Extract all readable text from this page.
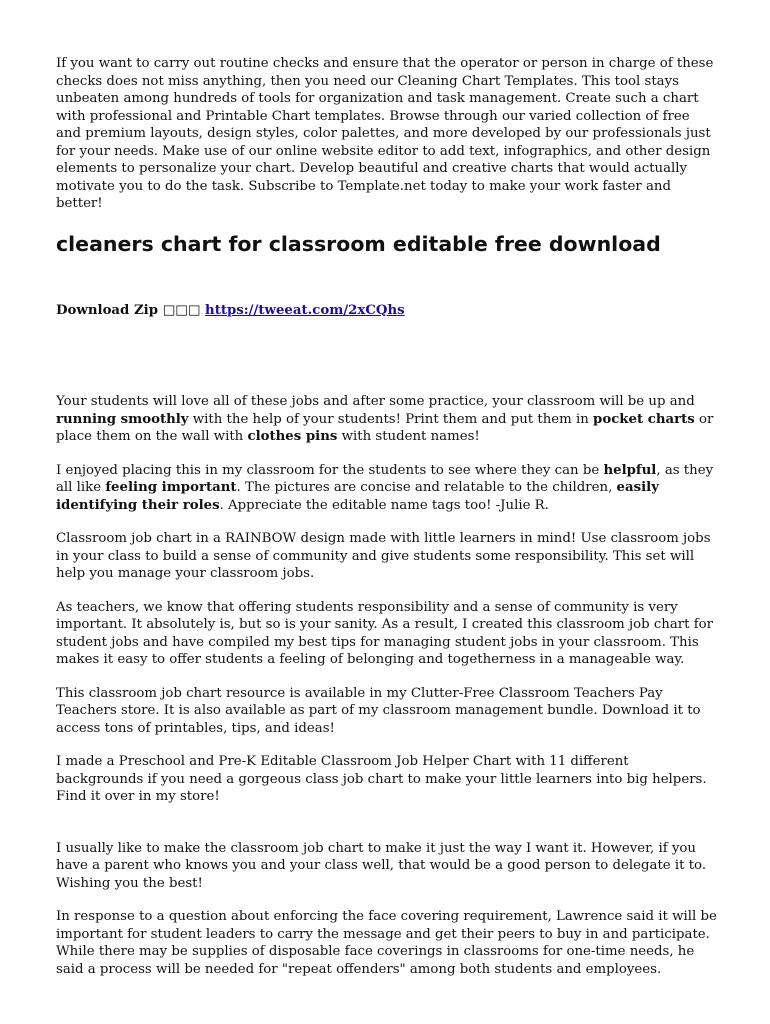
If you want to carry out routine checks and ensure that the operator or person in charge of these checks does not miss anything, then you need our Cleaning Chart Templates. This tool stays unbeaten among hundreds of tools for organization and task management. Create such a chart with professional and Printable Chart templates. Browse through our varied collection of free and premium layouts, design styles, color palettes, and more developed by our professionals just for your needs. Make use of our online website editor to add text, infographics, and other design elements to personalize your chart. Develop beautiful and creative charts that would actually motivate you to do the task. Subscribe to Template.net today to make your work faster and better!

cleaners chart for classroom editable free download

Download Zip □□□ https://tweeat.com/2xCQhs

Your students will love all of these jobs and after some practice, your classroom will be up and running smoothly with the help of your students! Print them and put them in pocket charts or place them on the wall with clothes pins with student names!

I enjoyed placing this in my classroom for the students to see where they can be helpful, as they all like feeling important. The pictures are concise and relatable to the children, easily identifying their roles. Appreciate the editable name tags too! -Julie R.

Classroom job chart in a RAINBOW design made with little learners in mind! Use classroom jobs in your class to build a sense of community and give students some responsibility. This set will help you manage your classroom jobs.

As teachers, we know that offering students responsibility and a sense of community is very important. It absolutely is, but so is your sanity. As a result, I created this classroom job chart for student jobs and have compiled my best tips for managing student jobs in your classroom. This makes it easy to offer students a feeling of belonging and togetherness in a manageable way.

This classroom job chart resource is available in my Clutter-Free Classroom Teachers Pay Teachers store. It is also available as part of my classroom management bundle. Download it to access tons of printables, tips, and ideas!

I made a Preschool and Pre-K Editable Classroom Job Helper Chart with 11 different backgrounds if you need a gorgeous class job chart to make your little learners into big helpers. Find it over in my store!

I usually like to make the classroom job chart to make it just the way I want it. However, if you have a parent who knows you and your class well, that would be a good person to delegate it to. Wishing you the best!

In response to a question about enforcing the face covering requirement, Lawrence said it will be important for student leaders to carry the message and get their peers to buy in and participate. While there may be supplies of disposable face coverings in classrooms for one-time needs, he said a process will be needed for "repeat offenders" among both students and employees.
